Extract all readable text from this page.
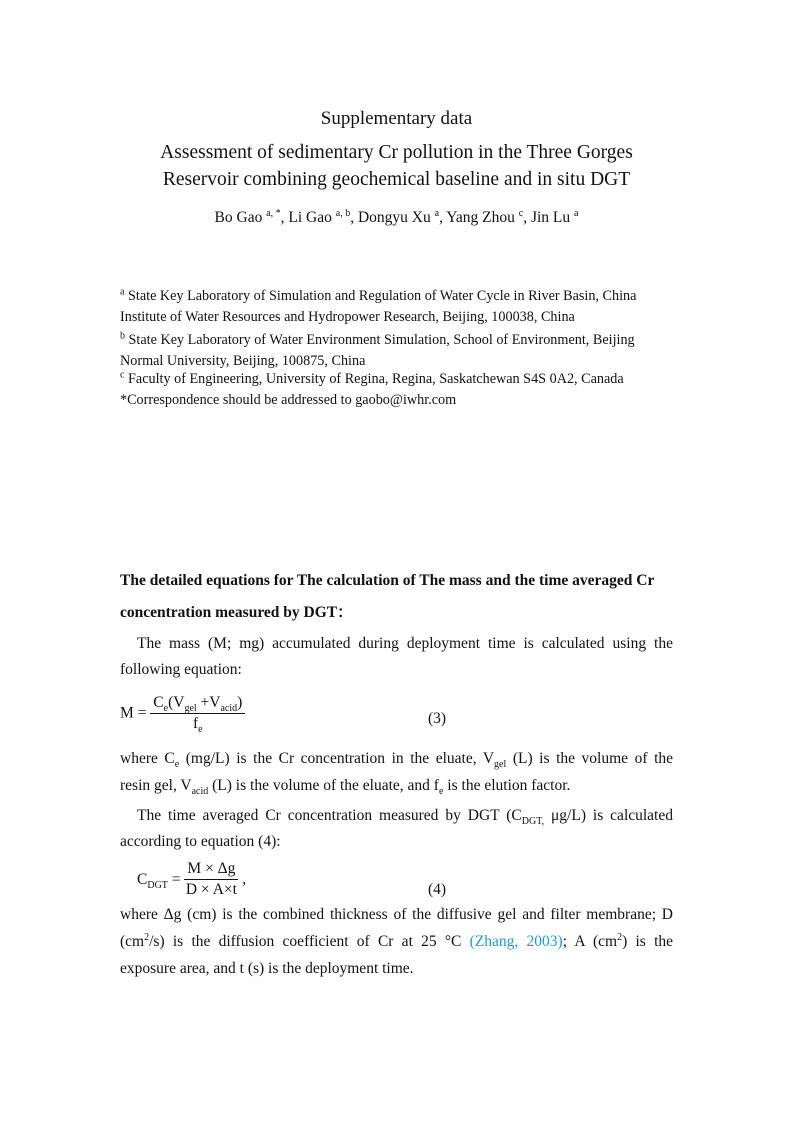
Supplementary data
Assessment of sedimentary Cr pollution in the Three Gorges
Reservoir combining geochemical baseline and in situ DGT
Bo Gao $^{a, *}$, Li Gao $^{a, b}$, Dongyu Xu $^a$, Yang Zhou $^c$, Jin Lu $^a$
$^a$ State Key Laboratory of Simulation and Regulation of Water Cycle in River Basin, China
Institute of Water Resources and Hydropower Research, Beijing, 100038, China
$^b$ State Key Laboratory of Water Environment Simulation, School of Environment, Beijing
Normal University, Beijing, 100875, China
$^c$ Faculty of Engineering, University of Regina, Regina, Saskatchewan S4S 0A2, Canada
*Correspondence should be addressed to gaobo@iwhr.com
The detailed equations for The calculation of The mass and the time averaged Cr
concentration measured by DGT：
The mass (M; mg) accumulated during deployment time is calculated using the
following equation:
$M = \frac{C_e(V_{gel} +V_{acid})}{f_e}$	(3)
where $C_e$ (mg/L) is the Cr concentration in the eluate, $V_{gel}$ (L) is the volume of the
resin gel, $V_{acid}$ (L) is the volume of the eluate, and $f_e$ is the elution factor.
The time averaged Cr concentration measured by DGT ($C_{DGT,}$ μg/L) is calculated
according to equation (4):
$C_{DGT} = \frac{M \times \Delta g}{D \times A\times t}$ ,
(4)
where Δg (cm) is the combined thickness of the diffusive gel and filter membrane; D
$(cm^2/s)$ is the diffusion coefficient of Cr at 25 °C (Zhang, 2003); A $(cm^2)$ is the
exposure area, and t (s) is the deployment time.
